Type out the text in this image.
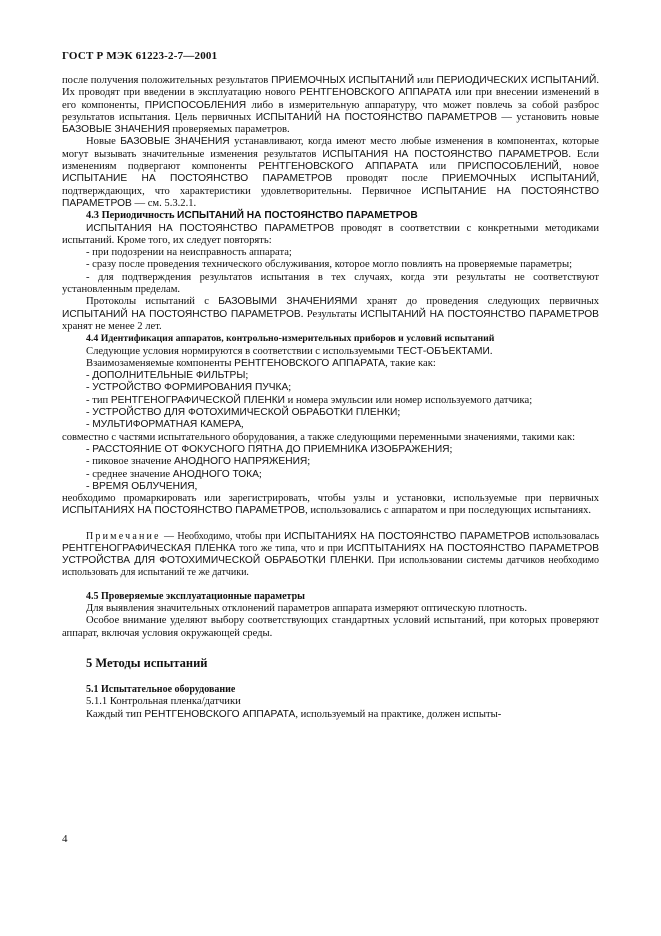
ГОСТ Р МЭК 61223-2-7—2001

после получения положительных результатов ПРИЕМОЧНЫХ ИСПЫТАНИЙ или ПЕРИОДИЧЕСКИХ ИСПЫТАНИЙ. Их проводят при введении в эксплуатацию нового РЕНТГЕНОВСКОГО АППАРАТА или при внесении изменений в его компоненты, ПРИСПОСОБЛЕНИЯ либо в измерительную аппаратуру, что может повлечь за собой разброс результатов испытания. Цель первичных ИСПЫТАНИЙ НА ПОСТОЯНСТВО ПАРАМЕТРОВ — установить новые БАЗОВЫЕ ЗНАЧЕНИЯ проверяемых параметров.

Новые БАЗОВЫЕ ЗНАЧЕНИЯ устанавливают, когда имеют место любые изменения в компонентах, которые могут вызывать значительные изменения результатов ИСПЫТАНИЯ НА ПОСТОЯНСТВО ПАРАМЕТРОВ. Если изменениям подвергают компоненты РЕНТГЕНОВСКОГО АППАРАТА или ПРИСПОСОБЛЕНИЙ, новое ИСПЫТАНИЕ НА ПОСТОЯНСТВО ПАРАМЕТРОВ проводят после ПРИЕМОЧНЫХ ИСПЫТАНИЙ, подтверждающих, что характеристики удовлетворительны. Первичное ИСПЫТАНИЕ НА ПОСТОЯНСТВО ПАРАМЕТРОВ — см. 5.3.2.1.

4.3 Периодичность ИСПЫТАНИЙ НА ПОСТОЯНСТВО ПАРАМЕТРОВ

ИСПЫТАНИЯ НА ПОСТОЯНСТВО ПАРАМЕТРОВ проводят в соответствии с конкретными методиками испытаний. Кроме того, их следует повторять:

- при подозрении на неисправность аппарата;

- сразу после проведения технического обслуживания, которое могло повлиять на проверяемые параметры;

- для подтверждения результатов испытания в тех случаях, когда эти результаты не соответствуют установленным пределам.

Протоколы испытаний с БАЗОВЫМИ ЗНАЧЕНИЯМИ хранят до проведения следующих первичных ИСПЫТАНИЙ НА ПОСТОЯНСТВО ПАРАМЕТРОВ. Результаты ИСПЫТАНИЙ НА ПОСТОЯНСТВО ПАРАМЕТРОВ хранят не менее 2 лет.

4.4 Идентификация аппаратов, контрольно-измерительных приборов и условий испытаний

Следующие условия нормируются в соответствии с используемыми ТЕСТ-ОБЪЕКТАМИ.

Взаимозаменяемые компоненты РЕНТГЕНОВСКОГО АППАРАТА, такие как:

- ДОПОЛНИТЕЛЬНЫЕ ФИЛЬТРЫ;

- УСТРОЙСТВО ФОРМИРОВАНИЯ ПУЧКА;

- тип РЕНТГЕНОГРАФИЧЕСКОЙ ПЛЕНКИ и номера эмульсии или номер используемого датчика;

- УСТРОЙСТВО ДЛЯ ФОТОХИМИЧЕСКОЙ ОБРАБОТКИ ПЛЕНКИ;

- МУЛЬТИФОРМАТНАЯ КАМЕРА,

совместно с частями испытательного оборудования, а также следующими переменными значениями, такими как:

- РАССТОЯНИЕ ОТ ФОКУСНОГО ПЯТНА ДО ПРИЕМНИКА ИЗОБРАЖЕНИЯ;

- пиковое значение АНОДНОГО НАПРЯЖЕНИЯ;

- среднее значение АНОДНОГО ТОКА;

- ВРЕМЯ ОБЛУЧЕНИЯ,

необходимо промаркировать или зарегистрировать, чтобы узлы и установки, используемые при первичных ИСПЫТАНИЯХ НА ПОСТОЯНСТВО ПАРАМЕТРОВ, использовались с аппаратом и при последующих испытаниях.

Примечание — Необходимо, чтобы при ИСПЫТАНИЯХ НА ПОСТОЯНСТВО ПАРАМЕТРОВ использовалась РЕНТГЕНОГРАФИЧЕСКАЯ ПЛЕНКА того же типа, что и при ИСПТЫТАНИЯХ НА ПОСТОЯНСТВО ПАРАМЕТРОВ УСТРОЙСТВА ДЛЯ ФОТОХИМИЧЕСКОЙ ОБРАБОТКИ ПЛЕНКИ. При использовании системы датчиков необходимо использовать для испытаний те же датчики.

4.5 Проверяемые эксплуатационные параметры

Для выявления значительных отклонений параметров аппарата измеряют оптическую плотность.

Особое внимание уделяют выбору соответствующих стандартных условий испытаний, при которых проверяют аппарат, включая условия окружающей среды.

5 Методы испытаний

5.1 Испытательное оборудование

5.1.1 Контрольная пленка/датчики

Каждый тип РЕНТГЕНОВСКОГО АППАРАТА, используемый на практике, должен испыты-

4
